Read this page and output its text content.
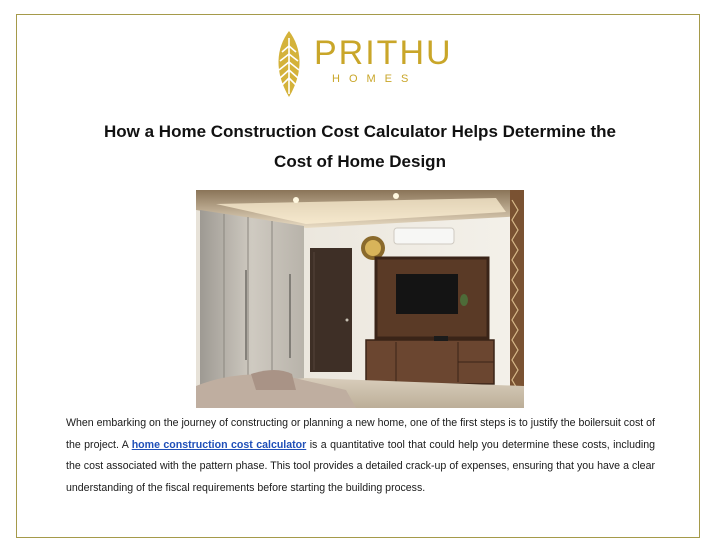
PRITHU
HOMES
How a Home Construction Cost Calculator Helps Determine the
Cost of Home Design
When embarking on the journey of constructing or planning a new home, one of the first steps is to justify the boilersuit cost of the project. A home construction cost calculator is a quantitative tool that could help you determine these costs, including the cost associated with the pattern phase. This tool provides a detailed crack-up of expenses, ensuring that you have a clear understanding of the fiscal requirements before starting the building process.
